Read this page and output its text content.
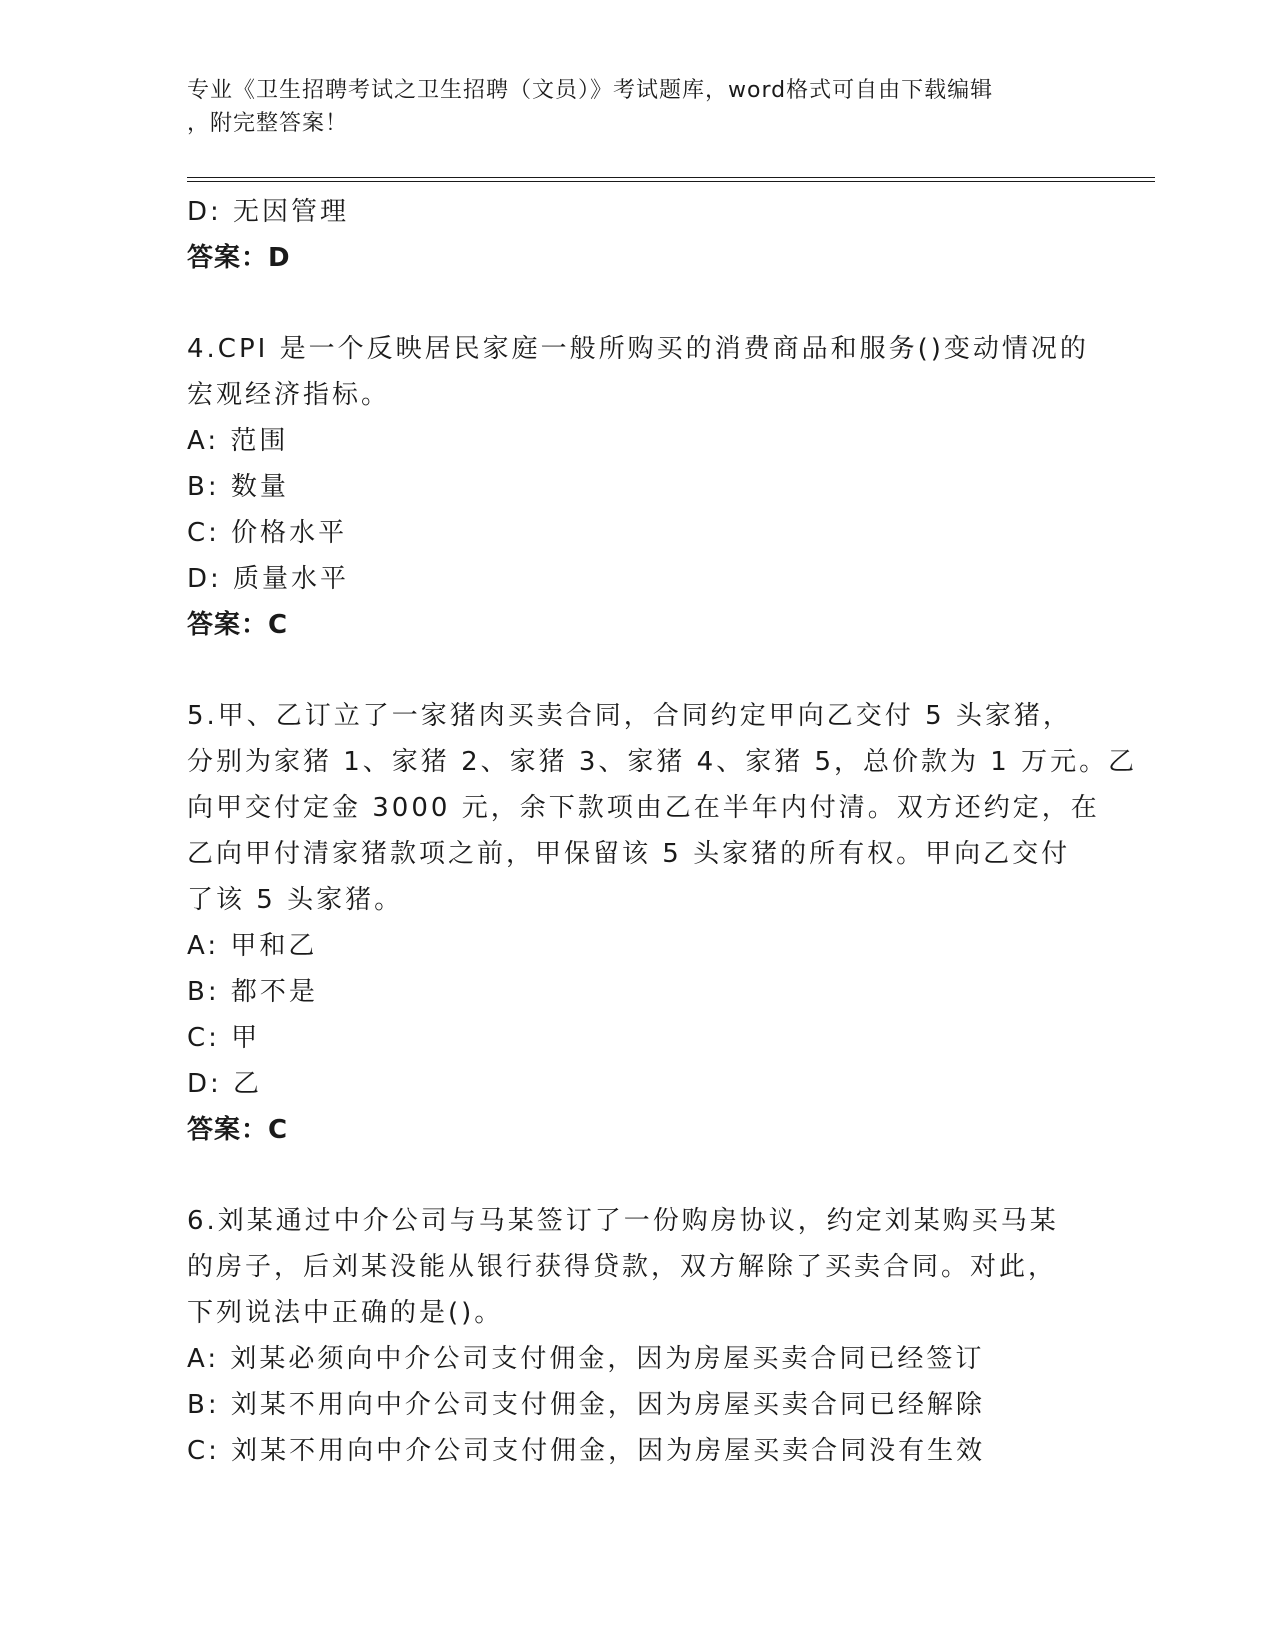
专业《卫生招聘考试之卫生招聘（文员）》考试题库，word格式可自由下载编辑
，附完整答案！
D: 无因管理
答案：D
4.CPI 是一个反映居民家庭一般所购买的消费商品和服务()变动情况的
宏观经济指标。
A: 范围
B: 数量
C: 价格水平
D: 质量水平
答案：C
5.甲、乙订立了一家猪肉买卖合同，合同约定甲向乙交付 5 头家猪，
分别为家猪 1、家猪 2、家猪 3、家猪 4、家猪 5，总价款为 1 万元。乙
向甲交付定金 3000 元，余下款项由乙在半年内付清。双方还约定，在
乙向甲付清家猪款项之前，甲保留该 5 头家猪的所有权。甲向乙交付
了该 5 头家猪。
A: 甲和乙
B: 都不是
C: 甲
D: 乙
答案：C
6.刘某通过中介公司与马某签订了一份购房协议，约定刘某购买马某
的房子，后刘某没能从银行获得贷款，双方解除了买卖合同。对此，
下列说法中正确的是()。
A: 刘某必须向中介公司支付佣金，因为房屋买卖合同已经签订
B: 刘某不用向中介公司支付佣金，因为房屋买卖合同已经解除
C: 刘某不用向中介公司支付佣金，因为房屋买卖合同没有生效
